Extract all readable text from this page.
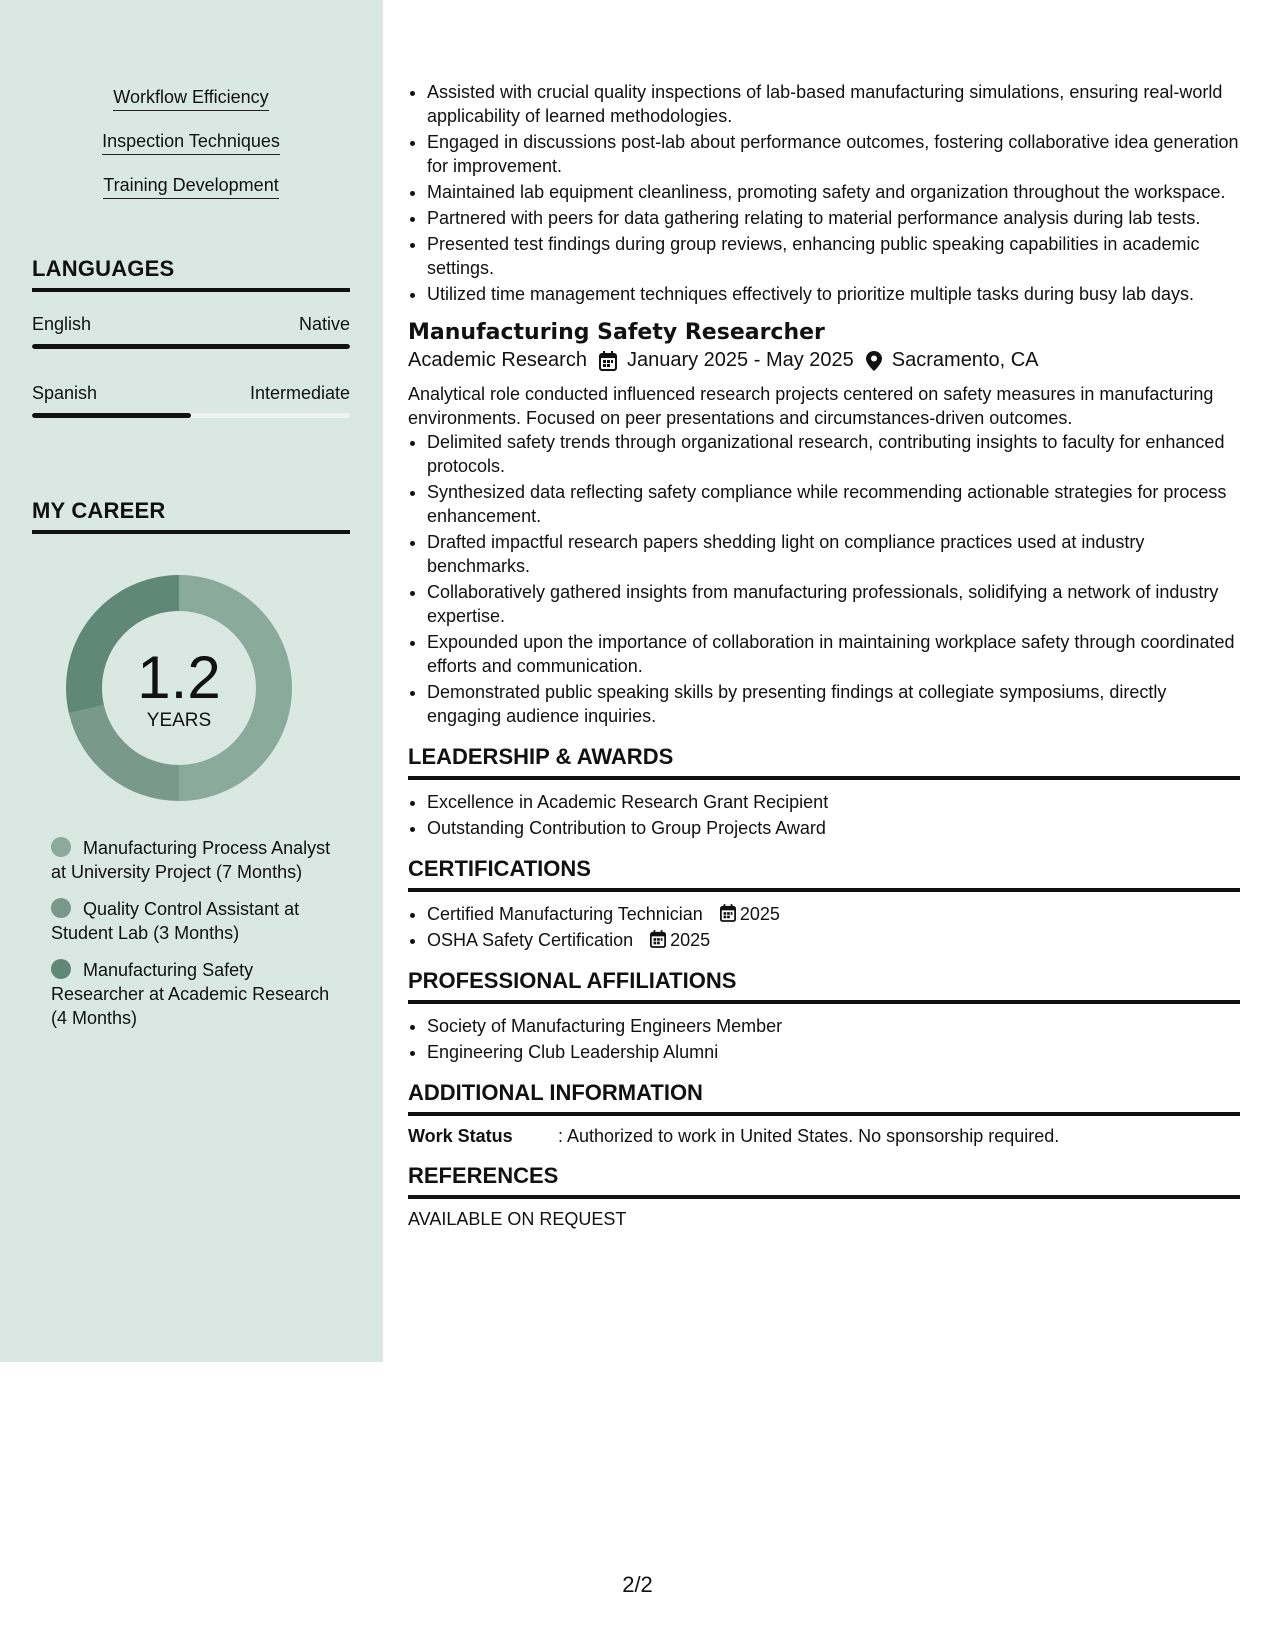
Workflow Efficiency
Inspection Techniques
Training Development
LANGUAGES
English	Native
Spanish	Intermediate
MY CAREER
1.2
YEARS
Manufacturing Process Analyst at University Project (7 Months)
Quality Control Assistant at Student Lab (3 Months)
Manufacturing Safety Researcher at Academic Research (4 Months)
• Assisted with crucial quality inspections of lab-based manufacturing simulations, ensuring real-world applicability of learned methodologies.
• Engaged in discussions post-lab about performance outcomes, fostering collaborative idea generation for improvement.
• Maintained lab equipment cleanliness, promoting safety and organization throughout the workspace.
• Partnered with peers for data gathering relating to material performance analysis during lab tests.
• Presented test findings during group reviews, enhancing public speaking capabilities in academic settings.
• Utilized time management techniques effectively to prioritize multiple tasks during busy lab days.
Manufacturing Safety Researcher
Academic Research January 2025 - May 2025 Sacramento, CA

Analytical role conducted influenced research projects centered on safety measures in manufacturing environments. Focused on peer presentations and circumstances-driven outcomes.

• Delimited safety trends through organizational research, contributing insights to faculty for enhanced protocols.
• Synthesized data reflecting safety compliance while recommending actionable strategies for process enhancement.
• Drafted impactful research papers shedding light on compliance practices used at industry benchmarks.
• Collaboratively gathered insights from manufacturing professionals, solidifying a network of industry expertise.
• Expounded upon the importance of collaboration in maintaining workplace safety through coordinated efforts and communication.
• Demonstrated public speaking skills by presenting findings at collegiate symposiums, directly engaging audience inquiries.
LEADERSHIP & AWARDS
• Excellence in Academic Research Grant Recipient
• Outstanding Contribution to Group Projects Award
CERTIFICATIONS
• Certified Manufacturing Technician 2025
• OSHA Safety Certification 2025
PROFESSIONAL AFFILIATIONS
• Society of Manufacturing Engineers Member
• Engineering Club Leadership Alumni
ADDITIONAL INFORMATION
Work Status	: Authorized to work in United States. No sponsorship required.
REFERENCES
AVAILABLE ON REQUEST
2/2
